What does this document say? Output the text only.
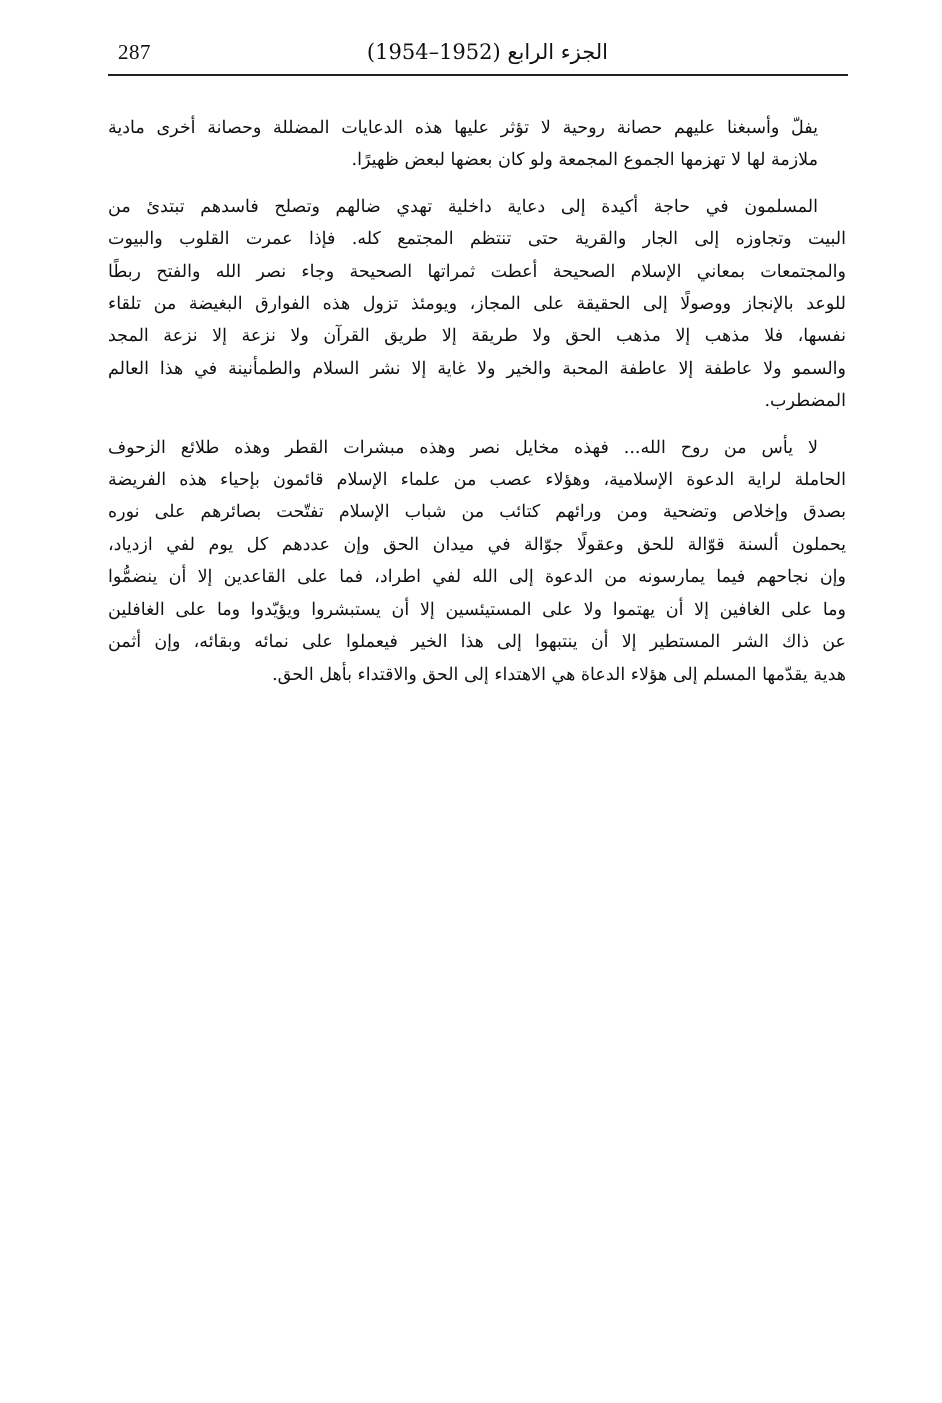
287	الجزء الرابع (1952–1954)

يفلّ وأسبغنا عليهم حصانة روحية لا تؤثر عليها هذه الدعايات المضللة وحصانة أخرى مادية
ملازمة لها لا تهزمها الجموع المجمعة ولو كان بعضها لبعض ظهيرًا.

المسلمون في حاجة أكيدة إلى دعاية داخلية تهدي ضالهم وتصلح فاسدهم تبتدئ من
البيت وتجاوزه إلى الجار والقرية حتى تنتظم المجتمع كله. فإذا عمرت القلوب والبيوت
والمجتمعات بمعاني الإسلام الصحيحة أعطت ثمراتها الصحيحة وجاء نصر الله والفتح ربطًا
للوعد بالإنجاز ووصولًا إلى الحقيقة على المجاز، ويومئذ تزول هذه الفوارق البغيضة من تلقاء
نفسها، فلا مذهب إلا مذهب الحق ولا طريقة إلا طريق القرآن ولا نزعة إلا نزعة المجد
والسمو ولا عاطفة إلا عاطفة المحبة والخير ولا غاية إلا نشر السلام والطمأنينة في هذا العالم
المضطرب.

لا يأس من روح الله... فهذه مخايل نصر وهذه مبشرات القطر وهذه طلائع الزحوف
الحاملة لراية الدعوة الإسلامية، وهؤلاء عصب من علماء الإسلام قائمون بإحياء هذه الفريضة
بصدق وإخلاص وتضحية ومن ورائهم كتائب من شباب الإسلام تفتّحت بصائرهم على نوره
يحملون ألسنة قوّالة للحق وعقولًا جوّالة في ميدان الحق وإن عددهم كل يوم لفي ازدياد،
وإن نجاحهم فيما يمارسونه من الدعوة إلى الله لفي اطراد، فما على القاعدين إلا أن ينضمُّوا
وما على الغافين إلا أن يهتموا ولا على المستيئسين إلا أن يستبشروا ويؤيّدوا وما على الغافلين
عن ذاك الشر المستطير إلا أن ينتبهوا إلى هذا الخير فيعملوا على نمائه وبقائه، وإن أثمن
هدية يقدّمها المسلم إلى هؤلاء الدعاة هي الاهتداء إلى الحق والاقتداء بأهل الحق.
